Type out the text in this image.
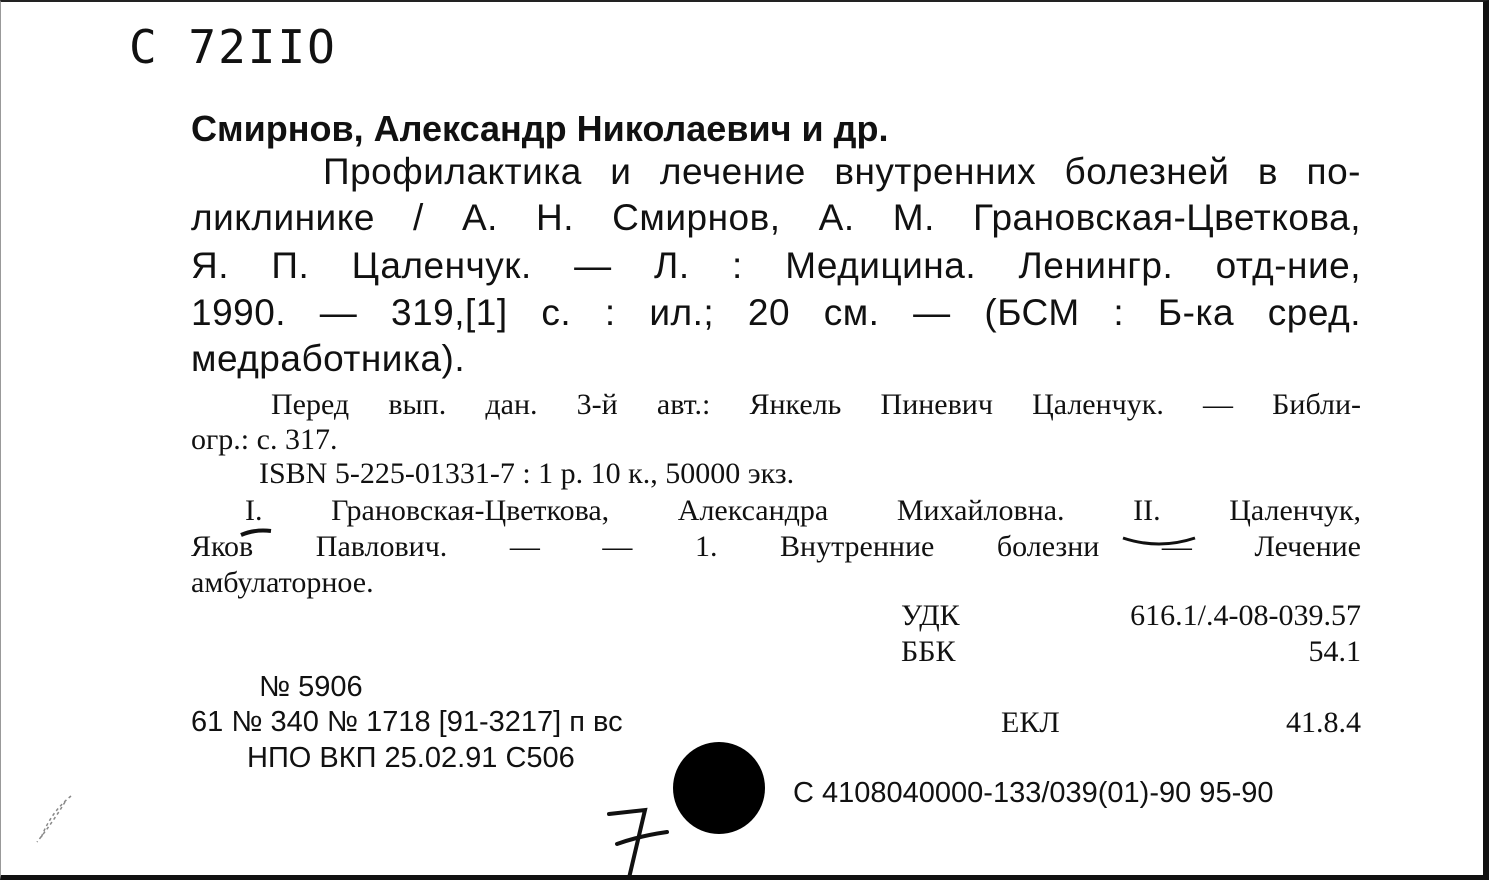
С 72ІІО
Смирнов, Александр Николаевич и др.
Профилактика и лечение внутренних болезней в по-
ликлинике / А. Н. Смирнов, А. М. Грановская-Цветкова,
Я. П. Цаленчук. — Л. : Медицина. Ленингр. отд-ние,
1990. — 319,[1] с. : ил.; 20 см. — (БСМ : Б-ка сред.
медработника).
Перед вып. дан. 3-й авт.: Янкель Пиневич Цаленчук. — Библи-
огр.: с. 317.
ISBN 5-225-01331-7 : 1 р. 10 к., 50000 экз.
I. Грановская-Цветкова, Александра Михайловна. II. Цаленчук,
Яков Павлович. — — 1. Внутренние болезни — Лечение
амбулаторное.
УДК 616.1/.4-08-039.57
ББК 54.1
№ 5906
61 № 340 № 1718 [91-3217] п вс	ЕКЛ 41.8.4
НПО ВКП 25.02.91 С506
С 4108040000-133/039(01)-90 95-90
